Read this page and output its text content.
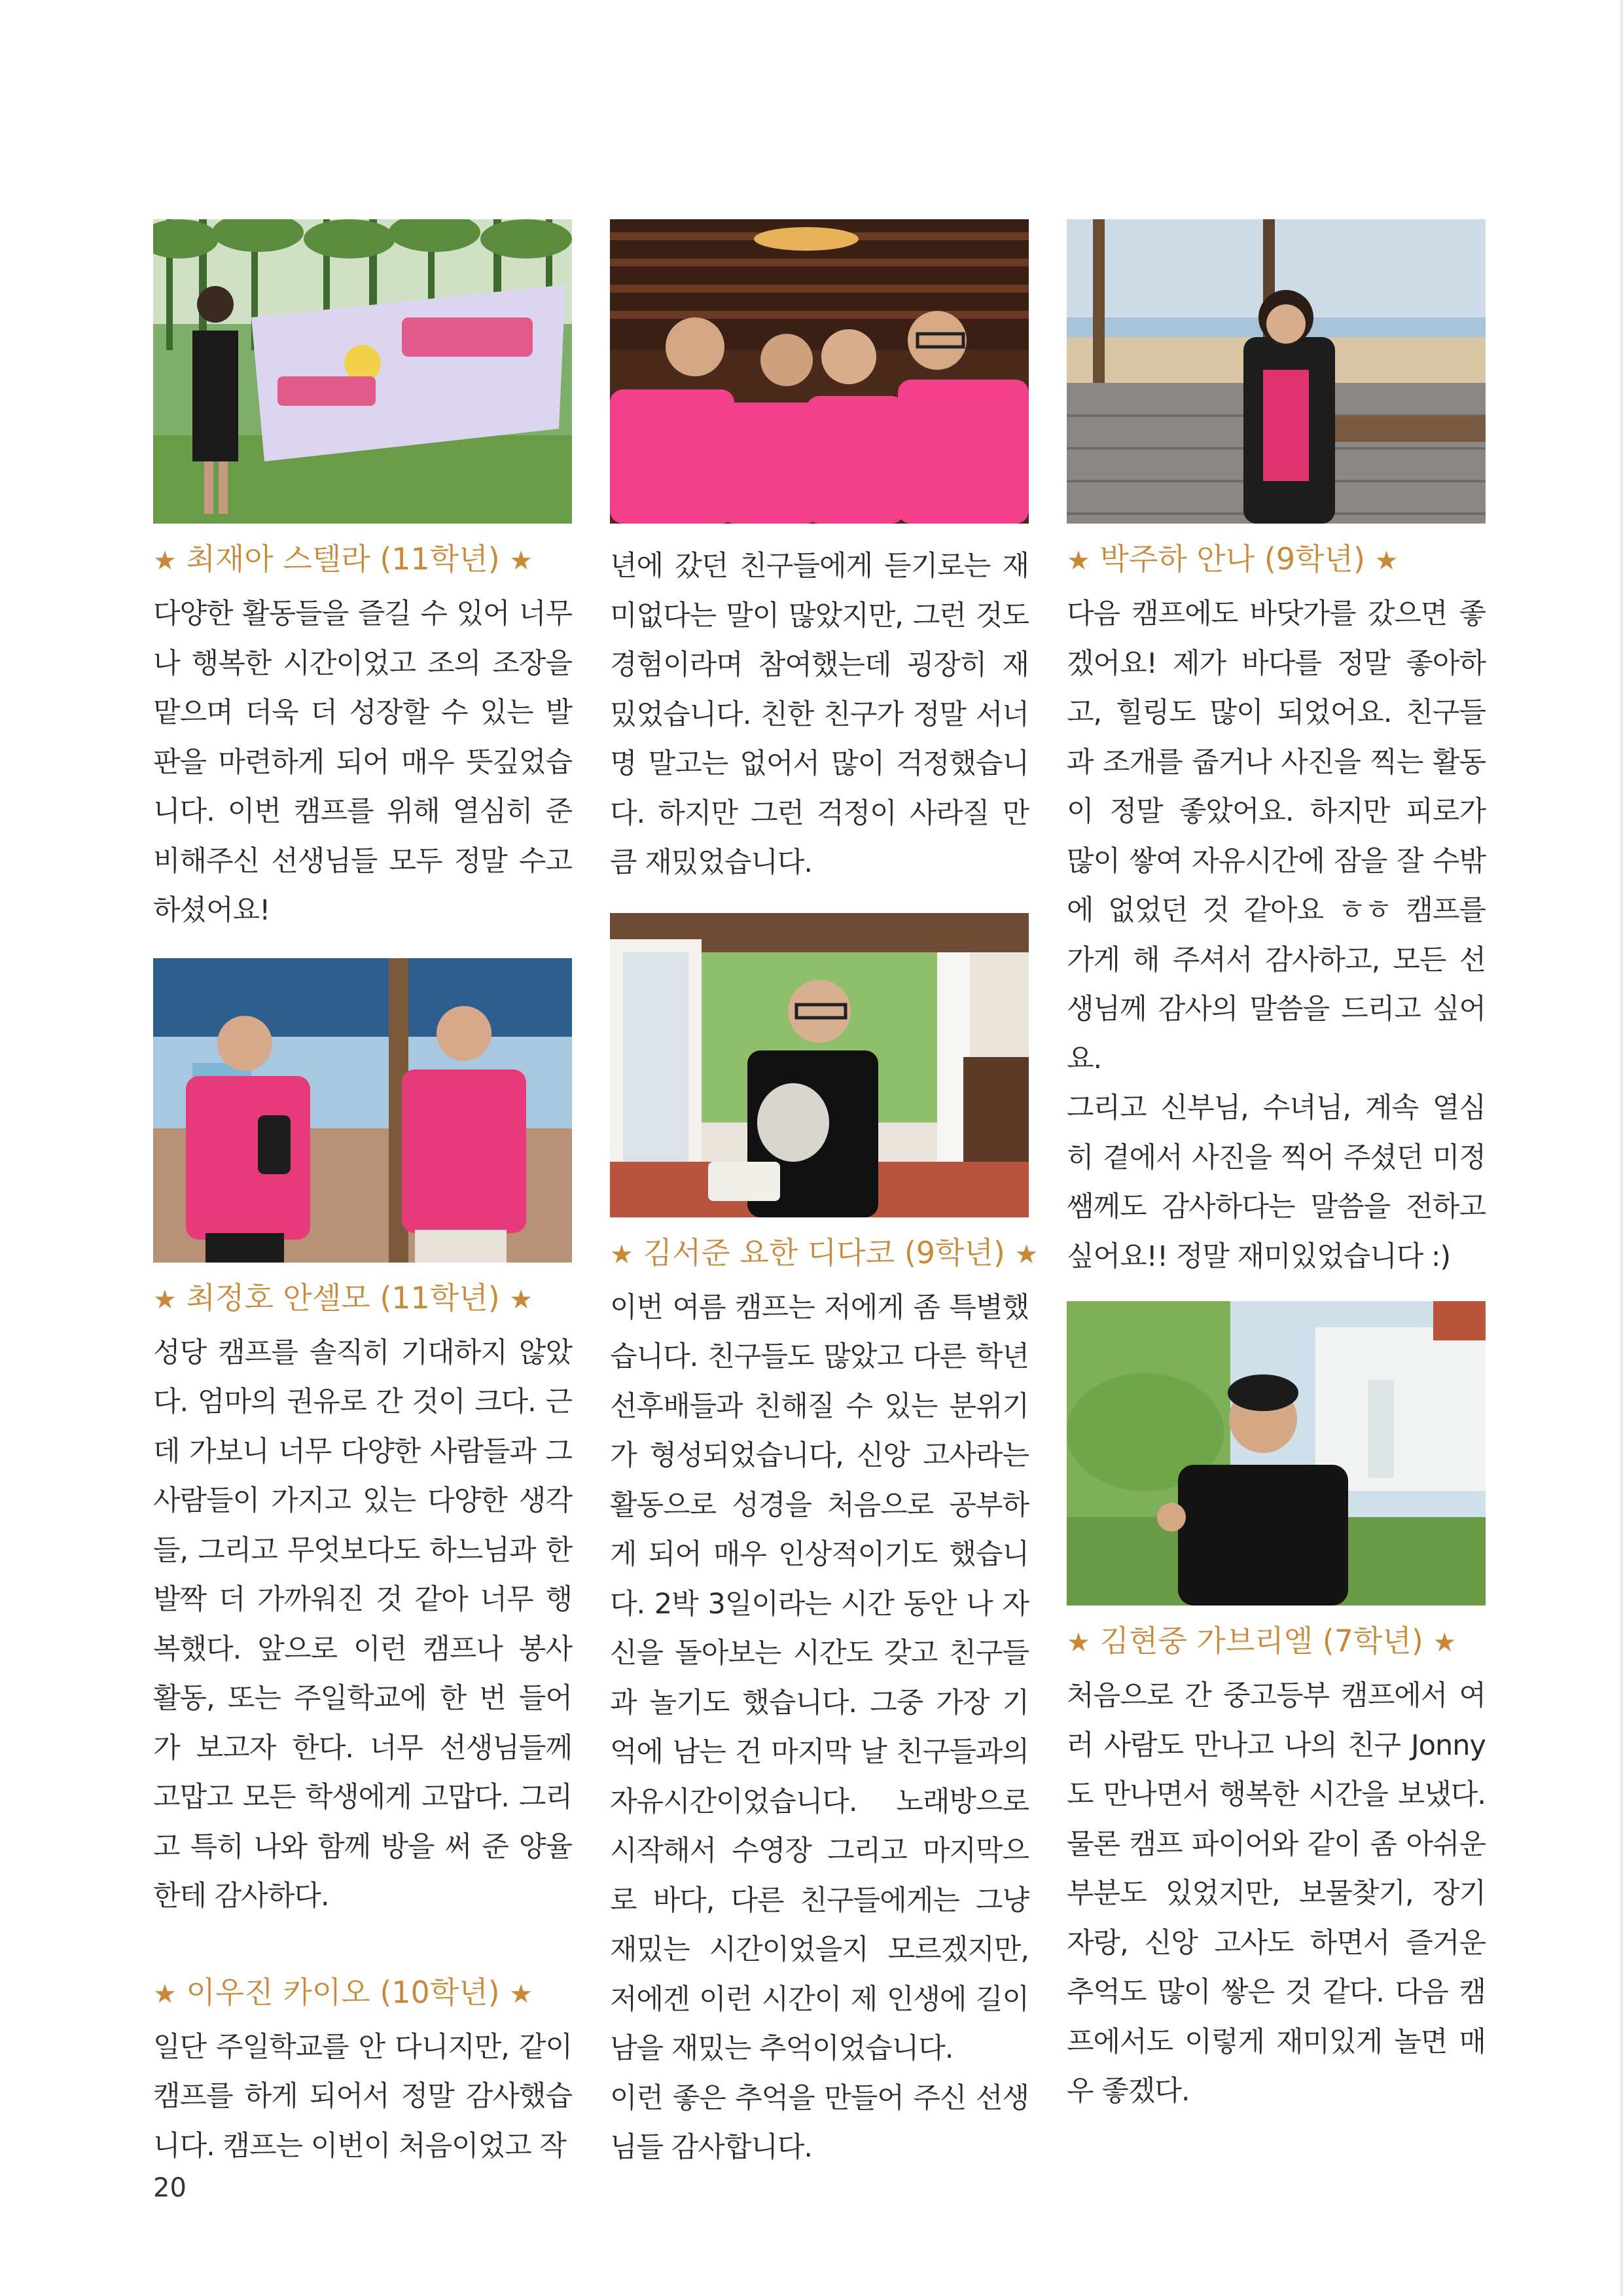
★ 최재아 스텔라 (11학년) ★

다양한 활동들을 즐길 수 있어 너무 나 행복한 시간이었고 조의 조장을 맡으며 더욱 더 성장할 수 있는 발판을 마련하게 되어 매우 뜻깊었습니다. 이번 캠프를 위해 열심히 준비해주신 선생님들 모두 정말 수고하셨어요!

★ 최정호 안셀모 (11학년) ★

성당 캠프를 솔직히 기대하지 않았다. 엄마의 권유로 간 것이 크다. 근데 가보니 너무 다양한 사람들과 그 사람들이 가지고 있는 다양한 생각들, 그리고 무엇보다도 하느님과 한 발짝 더 가까워진 것 같아 너무 행복했다. 앞으로 이런 캠프나 봉사 활동, 또는 주일학교에 한 번 들어가 보고자 한다. 너무 선생님들께 고맙고 모든 학생에게 고맙다. 그리고 특히 나와 함께 방을 써 준 양율한테 감사하다.

★ 이우진 카이오 (10학년) ★

일단 주일학교를 안 다니지만, 같이 캠프를 하게 되어서 정말 감사했습니다. 캠프는 이번이 처음이었고 작

년에 갔던 친구들에게 듣기로는 재미없다는 말이 많았지만, 그런 것도 경험이라며 참여했는데 굉장히 재밌었습니다. 친한 친구가 정말 서너 명 말고는 없어서 많이 걱정했습니다. 하지만 그런 걱정이 사라질 만큼 재밌었습니다.

★ 김서준 요한 디다코 (9학년) ★

이번 여름 캠프는 저에게 좀 특별했습니다. 친구들도 많았고 다른 학년 선후배들과 친해질 수 있는 분위기가 형성되었습니다, 신앙 고사라는 활동으로 성경을 처음으로 공부하게 되어 매우 인상적이기도 했습니다. 2박 3일이라는 시간 동안 나 자신을 돌아보는 시간도 갖고 친구들과 놀기도 했습니다. 그중 가장 기억에 남는 건 마지막 날 친구들과의 자유시간이었습니다. 노래방으로 시작해서 수영장 그리고 마지막으로 바다, 다른 친구들에게는 그냥 재밌는 시간이었을지 모르겠지만, 저에겐 이런 시간이 제 인생에 길이 남을 재밌는 추억이었습니다.

이런 좋은 추억을 만들어 주신 선생님들 감사합니다.

★ 박주하 안나 (9학년) ★

다음 캠프에도 바닷가를 갔으면 좋겠어요! 제가 바다를 정말 좋아하고, 힐링도 많이 되었어요. 친구들과 조개를 줍거나 사진을 찍는 활동이 정말 좋았어요. 하지만 피로가 많이 쌓여 자유시간에 잠을 잘 수밖에 없었던 것 같아요 ㅎㅎ 캠프를 가게 해 주셔서 감사하고, 모든 선생님께 감사의 말씀을 드리고 싶어요.

그리고 신부님, 수녀님, 계속 열심히 곁에서 사진을 찍어 주셨던 미정 쌤께도 감사하다는 말씀을 전하고 싶어요!! 정말 재미있었습니다 :)

★ 김현중 가브리엘 (7학년) ★

처음으로 간 중고등부 캠프에서 여러 사람도 만나고 나의 친구 Jonny도 만나면서 행복한 시간을 보냈다. 물론 캠프 파이어와 같이 좀 아쉬운 부분도 있었지만, 보물찾기, 장기 자랑, 신앙 고사도 하면서 즐거운 추억도 많이 쌓은 것 같다. 다음 캠프에서도 이렇게 재미있게 놀면 매우 좋겠다.

20
